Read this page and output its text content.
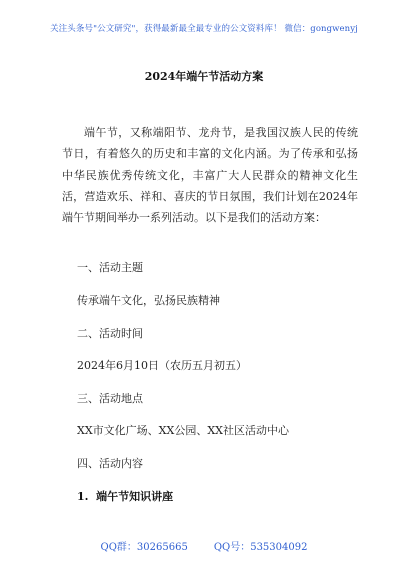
关注头条号"公文研究"，获得最新最全最专业的公文资料库！ 微信：gongwenyj
2024年端午节活动方案

端午节，又称端阳节、龙舟节，是我国汉族人民的传统节日，有着悠久的历史和丰富的文化内涵。为了传承和弘扬中华民族优秀传统文化，丰富广大人民群众的精神文化生活，营造欢乐、祥和、喜庆的节日氛围，我们计划在2024年端午节期间举办一系列活动。以下是我们的活动方案：

一、活动主题
传承端午文化，弘扬民族精神
二、活动时间
2024年6月10日（农历五月初五）
三、活动地点
XX市文化广场、XX公园、XX社区活动中心
四、活动内容
1.  端午节知识讲座
QQ群：30265665	QQ号：535304092
